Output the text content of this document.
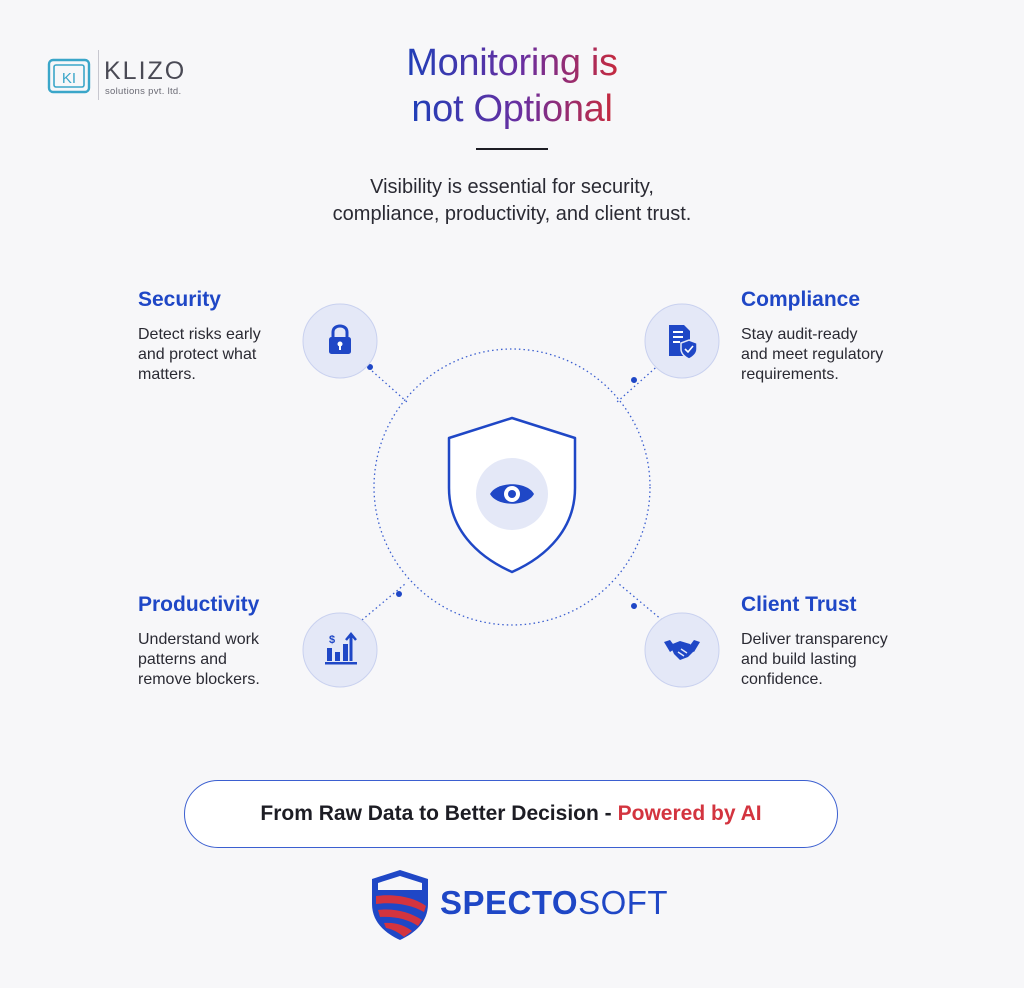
KI KLIZO
solutions pvt. ltd.
Monitoring is
not Optional
Visibility is essential for security,
compliance, productivity, and client trust.
$
Security
Detect risks early
and protect what
matters.
Compliance
Stay audit-ready
and meet regulatory
requirements.
Productivity
Understand work
patterns and
remove blockers.
Client Trust
Deliver transparency
and build lasting
confidence.
From Raw Data to Better Decision - Powered by AI
SPECTOSOFT
